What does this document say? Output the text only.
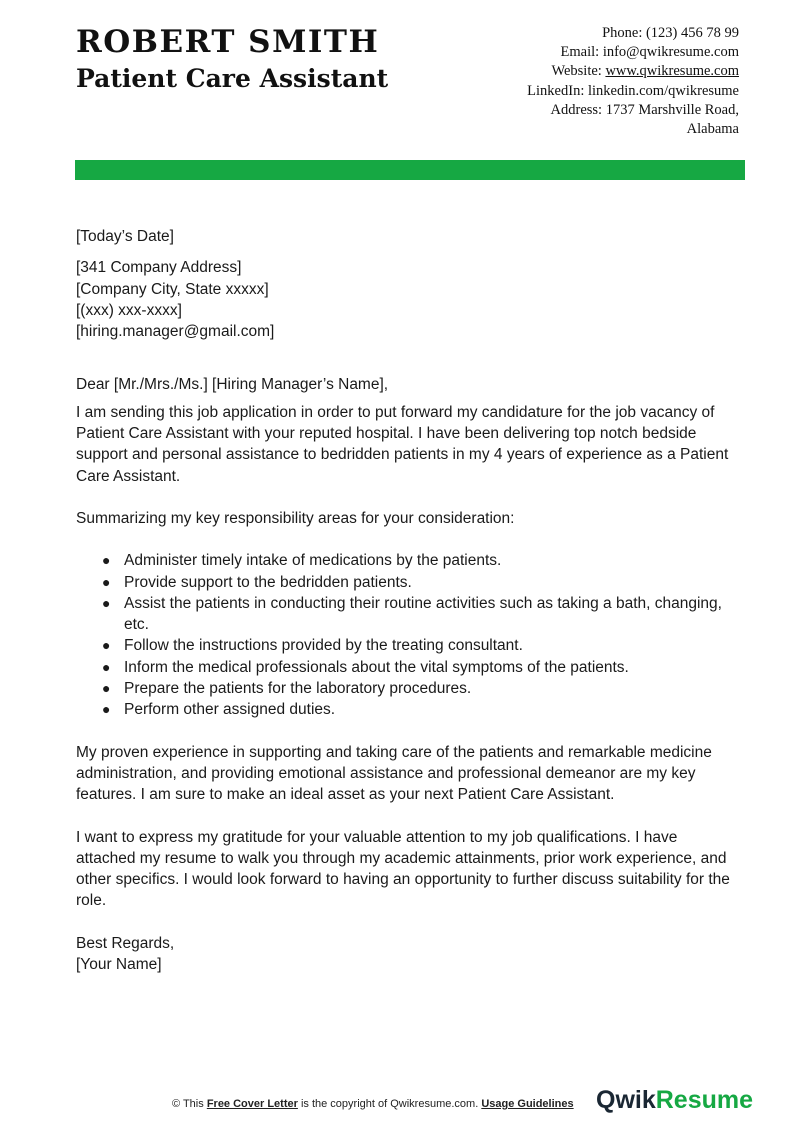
ROBERT SMITH
Patient Care Assistant
Phone: (123) 456 78 99
Email: info@qwikresume.com
Website: www.qwikresume.com
LinkedIn: linkedin.com/qwikresume
Address: 1737 Marshville Road,
Alabama

[Today’s Date]

[341 Company Address]

[Company City, State xxxxx]

[(xxx) xxx-xxxx]

[hiring.manager@gmail.com]

Dear [Mr./Mrs./Ms.] [Hiring Manager’s Name],

I am sending this job application in order to put forward my candidature for the job vacancy of Patient Care Assistant with your reputed hospital. I have been delivering top notch bedside support and personal assistance to bedridden patients in my 4 years of experience as a Patient Care Assistant.

Summarizing my key responsibility areas for your consideration:

● Administer timely intake of medications by the patients.
● Provide support to the bedridden patients.
● Assist the patients in conducting their routine activities such as taking a bath, changing, etc.
● Follow the instructions provided by the treating consultant.
● Inform the medical professionals about the vital symptoms of the patients.
● Prepare the patients for the laboratory procedures.
● Perform other assigned duties.

My proven experience in supporting and taking care of the patients and remarkable medicine administration, and providing emotional assistance and professional demeanor are my key features. I am sure to make an ideal asset as your next Patient Care Assistant.

I want to express my gratitude for your valuable attention to my job qualifications. I have attached my resume to walk you through my academic attainments, prior work experience, and other specifics. I would look forward to having an opportunity to further discuss suitability for the role.

Best Regards,

[Your Name]

© This Free Cover Letter is the copyright of Qwikresume.com. Usage Guidelines QwikResume
